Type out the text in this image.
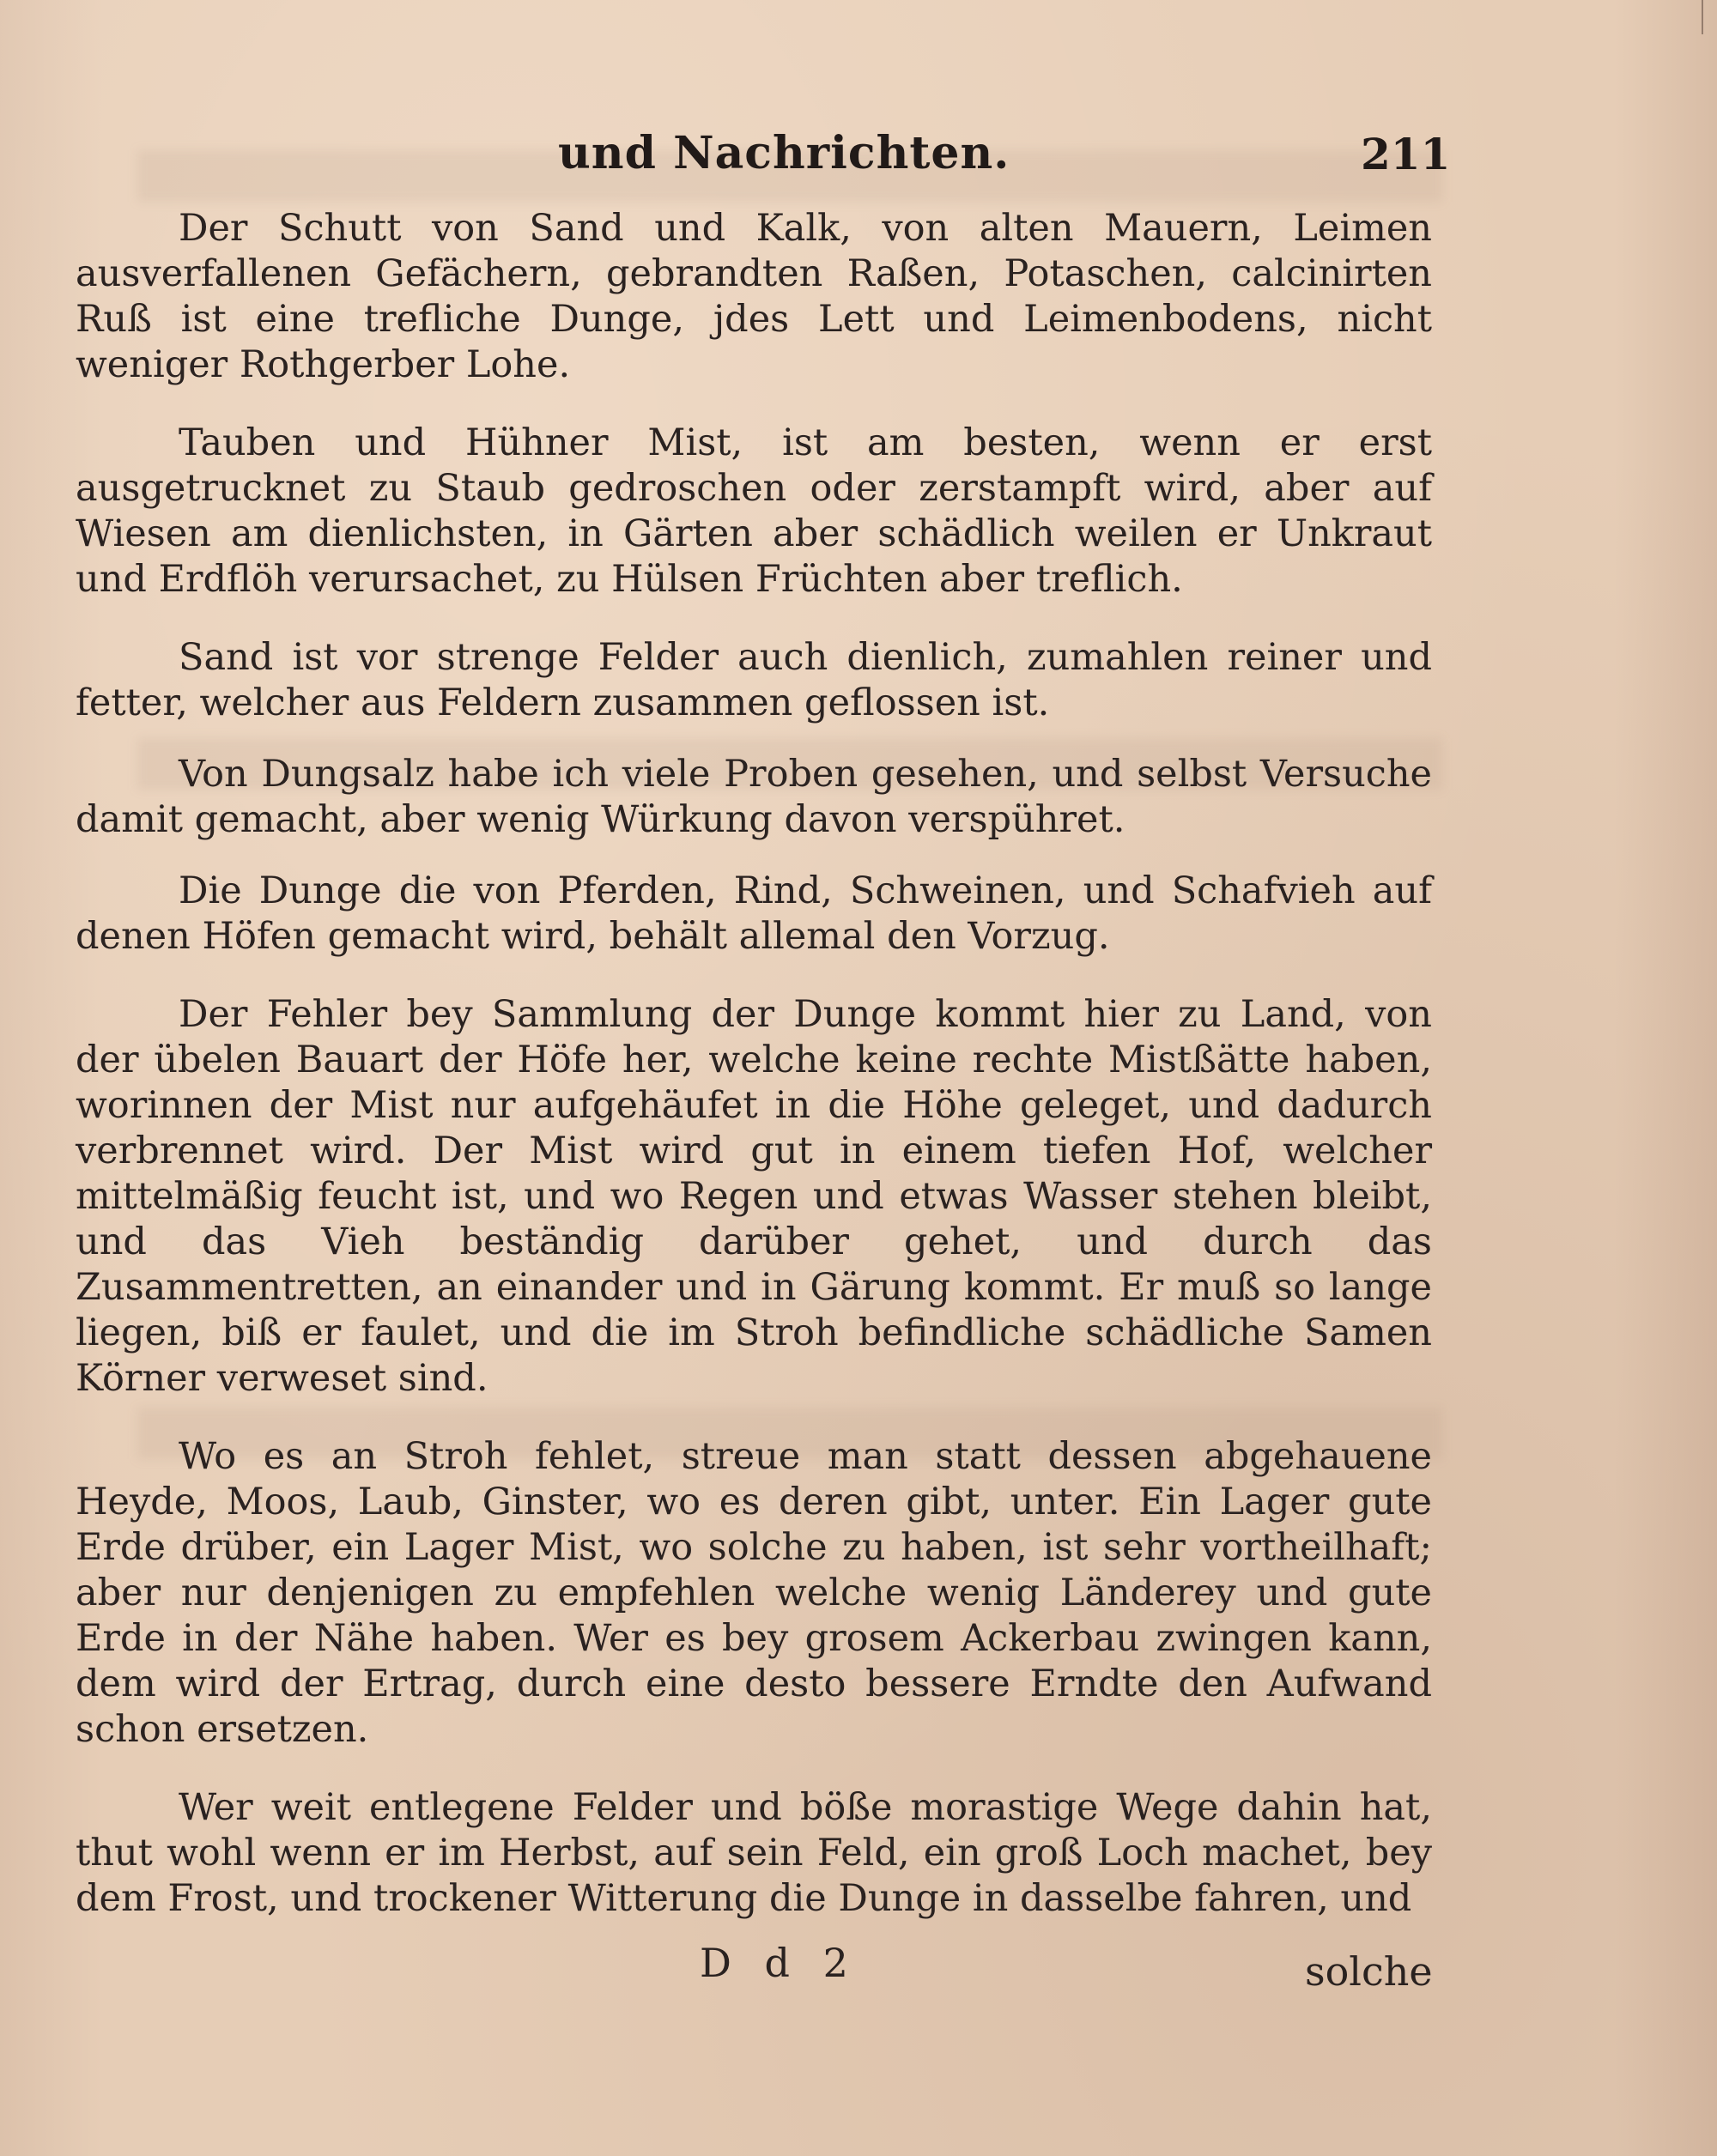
und Nachrichten.	211

Der Schutt von Sand und Kalk, von alten Mauern, Leimen ausverfallenen Gefächern, gebrandten Raßen, Potaschen, calcinirten Ruß ist eine trefliche Dunge, jdes Lett und Leimenbodens, nicht weniger Rothgerber Lohe.

Tauben und Hühner Mist, ist am besten, wenn er erst ausgetrucknet zu Staub gedroschen oder zerstampft wird, aber auf Wiesen am dienlichsten, in Gärten aber schädlich weilen er Unkraut und Erdflöh verursachet, zu Hülsen Früchten aber treflich.

Sand ist vor strenge Felder auch dienlich, zumahlen reiner und fetter, welcher aus Feldern zusammen geflossen ist.

Von Dungsalz habe ich viele Proben gesehen, und selbst Versuche damit gemacht, aber wenig Würkung davon verspühret.

Die Dunge die von Pferden, Rind, Schweinen, und Schafvieh auf denen Höfen gemacht wird, behält allemal den Vorzug.

Der Fehler bey Sammlung der Dunge kommt hier zu Land, von der übelen Bauart der Höfe her, welche keine rechte Mistßätte haben, worinnen der Mist nur aufgehäufet in die Höhe geleget, und dadurch verbrennet wird. Der Mist wird gut in einem tiefen Hof, welcher mittelmäßig feucht ist, und wo Regen und etwas Wasser stehen bleibt, und das Vieh beständig darüber gehet, und durch das Zusammentretten, an einander und in Gärung kommt. Er muß so lange liegen, biß er faulet, und die im Stroh befindliche schädliche Samen Körner verweset sind.

Wo es an Stroh fehlet, streue man statt dessen abgehauene Heyde, Moos, Laub, Ginster, wo es deren gibt, unter. Ein Lager gute Erde drüber, ein Lager Mist, wo solche zu haben, ist sehr vortheilhaft; aber nur denjenigen zu empfehlen welche wenig Länderey und gute Erde in der Nähe haben. Wer es bey grosem Ackerbau zwingen kann, dem wird der Ertrag, durch eine desto bessere Erndte den Aufwand schon ersetzen.

Wer weit entlegene Felder und böße morastige Wege dahin hat, thut wohl wenn er im Herbst, auf sein Feld, ein groß Loch machet, bey dem Frost, und trockener Witterung die Dunge in dasselbe fahren, und

D d 2	solche
